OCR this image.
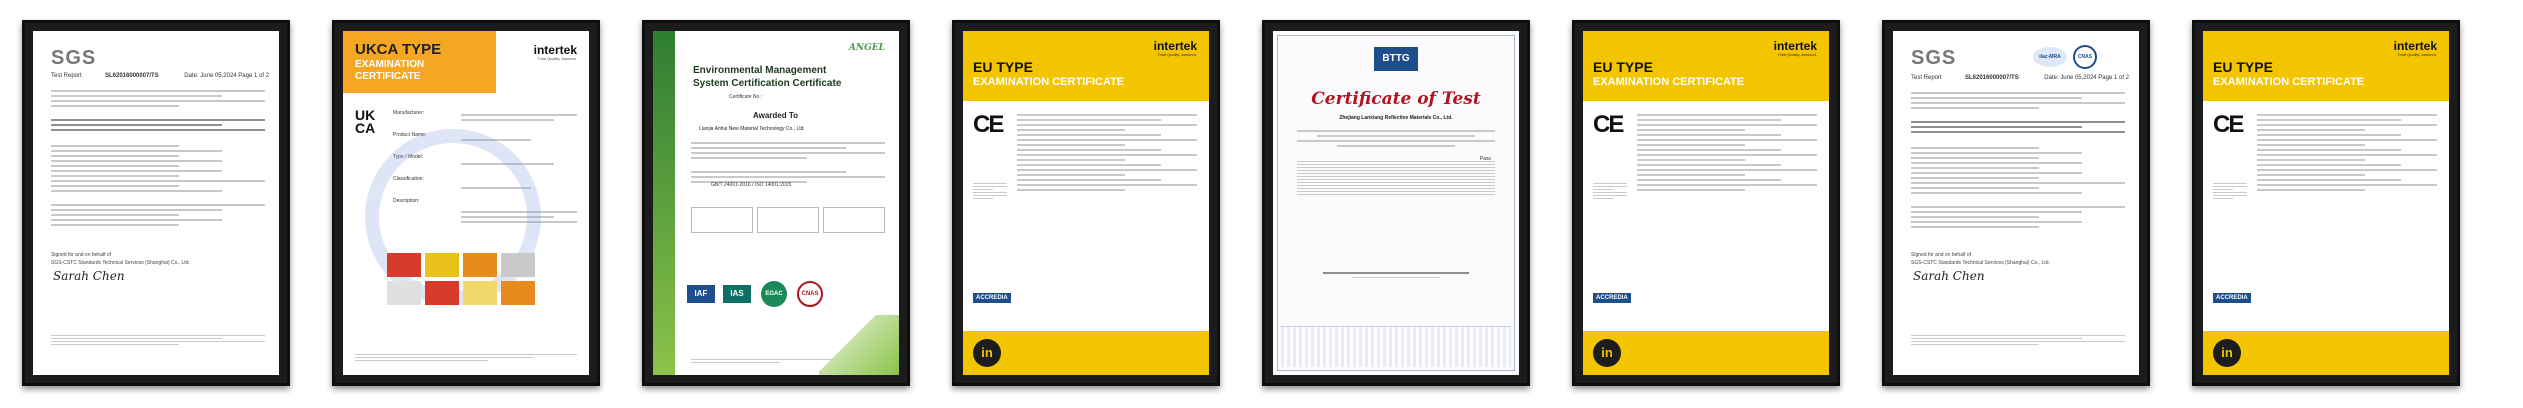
SGS
Test Report	SL62016000007/TS	Date: June 05,2024 Page 1 of 2
Signed for and on behalf of
SGS-CSTC Standards Technical Services (Shanghai) Co., Ltd.
Sarah Chen
UKCA TYPE
EXAMINATION
CERTIFICATE
intertek
Total Quality. Assured.
UK CA
Manufacturer:
Product Name:
Type / Model:
Classification:
Description:
ANGEL
Environmental Management
System Certification Certificate
Certificate No.:
Awarded To
Lianjia Anhui New Material Technology Co., Ltd.
GB/T 24001-2016 / ISO 14001:2015
IAF	IAS	EGAC	CNAS
intertek
Total Quality. Assured.
EU TYPE
EXAMINATION CERTIFICATE
CE
ACCREDIA
in
BTTG
Certificate of Test
Zhejiang Lanxiang Reflective Materials Co., Ltd.
Pass
intertek
Total Quality. Assured.
EU TYPE
EXAMINATION CERTIFICATE
CE
ACCREDIA
in
SGS	ilac-MRA	CNAS
Test Report	SL62016000007/TS	Date: June 05,2024 Page 1 of 2
Signed for and on behalf of
SGS-CSTC Standards Technical Services (Shanghai) Co., Ltd.
Sarah Chen
intertek
Total Quality. Assured.
EU TYPE
EXAMINATION CERTIFICATE
CE
ACCREDIA
in
